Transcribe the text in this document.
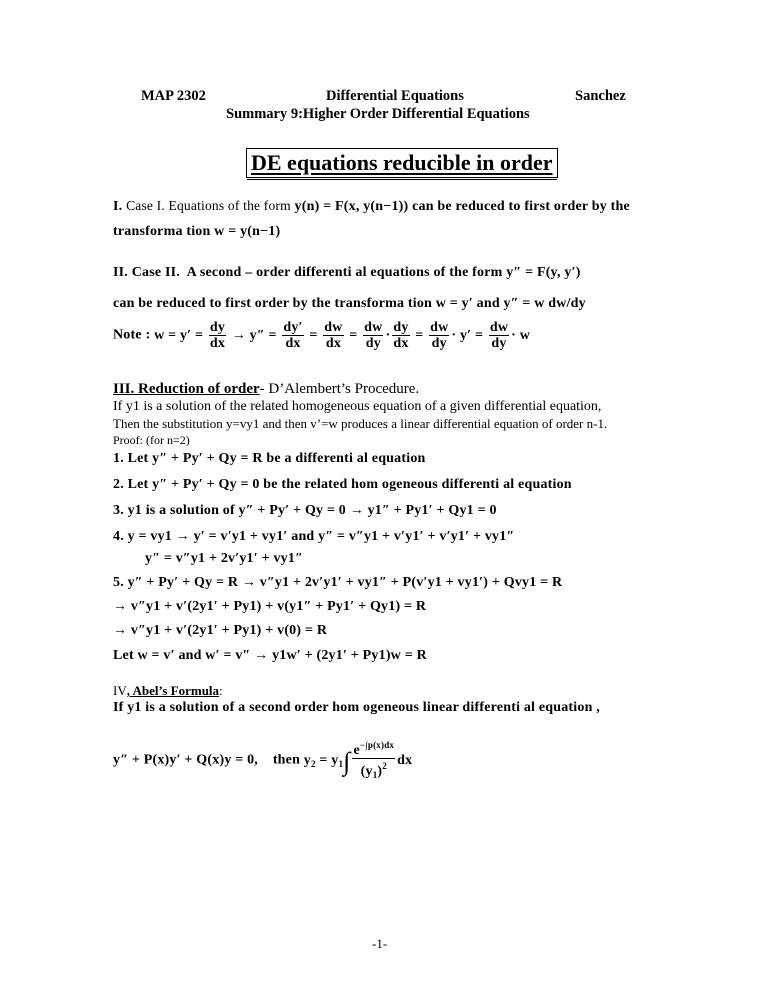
MAP 2302	Differential Equations	Sanchez
Summary 9:Higher Order Differential Equations
DE equations reducible in order
I. Case I. Equations of the form y(n) = F(x, y(n−1)) can be reduced to first order by the
transforma tion w = y(n−1)
II. Case II. A second – order differenti al equations of the form y″ = F(y, y′)
can be reduced to first order by the transforma tion w = y′ and y″ = w dw/dy
Note : $w = y' = \frac{dy}{dx} \to y'' = \frac{dy'}{dx} = \frac{dw}{dx} = \frac{dw}{dy} \cdot \frac{dy}{dx} = \frac{dw}{dy} \cdot y' = \frac{dw}{dy} \cdot w$
III. Reduction of order- D’Alembert’s Procedure.
If y1 is a solution of the related homogeneous equation of a given differential equation,
Then the substitution y=vy1 and then v’=w produces a linear differential equation of order n-1.
Proof: (for n=2)
1. Let y″ + Py′ + Qy = R be a differenti al equation
2. Let y″ + Py′ + Qy = 0 be the related hom ogeneous differenti al equation
3. y1 is a solution of y″ + Py′ + Qy = 0 → y1″ + Py1′ + Qy1 = 0
4. y = vy1 → y′ = v′y1 + vy1′ and y″ = v″y1 + v′y1′ + v′y1′ + vy1″
y″ = v″y1 + 2v′y1′ + vy1″
5. y″ + Py′ + Qy = R → v″y1 + 2v′y1′ + vy1″ + P(v′y1 + vy1′) + Qvy1 = R
→ v″y1 + v′(2y1′ + Py1) + v(y1″ + Py1′ + Qy1) = R
→ v″y1 + v′(2y1′ + Py1) + v(0) = R
Let w = v′ and w′ = v″ → y1w′ + (2y1′ + Py1)w = R
IV, Abel’s Formula:
If y1 is a solution of a second order hom ogeneous linear differenti al equation ,
y″ + P(x)y′ + Q(x)y = 0, then $y_2 = y_1\int \frac{e^{-\int p(x)dx}}{(y_1)^2}$ dx
-1-
